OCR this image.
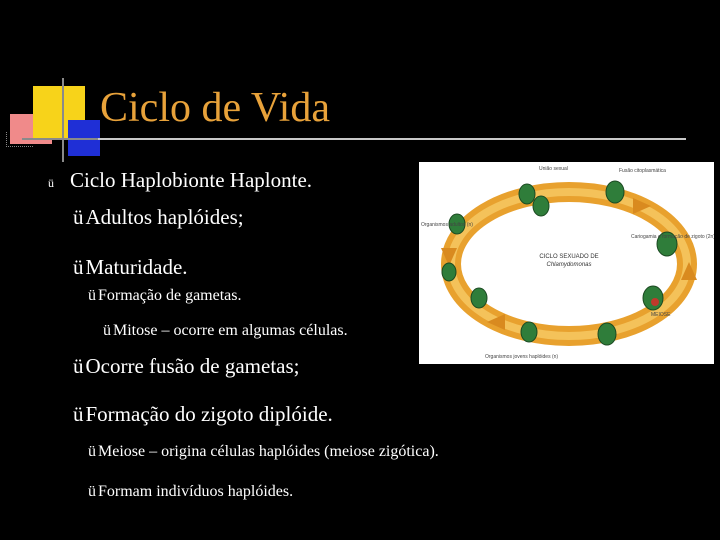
Ciclo de Vida
ü Ciclo Haplobionte Haplonte.
ü Adultos haplóides;
ü Maturidade.
ü Formação de gametas.
ü Mitose – ocorre em algumas células.
ü Ocorre fusão de gametas;
ü Formação do zigoto diplóide.
ü Meiose – origina células haplóides (meiose zigótica).
ü Formam indivíduos haplóides.
CICLO SEXUADO DE
Chlamydomonas
União sexual	Fusão citoplasmática
Organismos adultos (n)
Cariogamia e formação de zigoto (2n)
MEIOSE
Organismos jovens haplóides (n)
